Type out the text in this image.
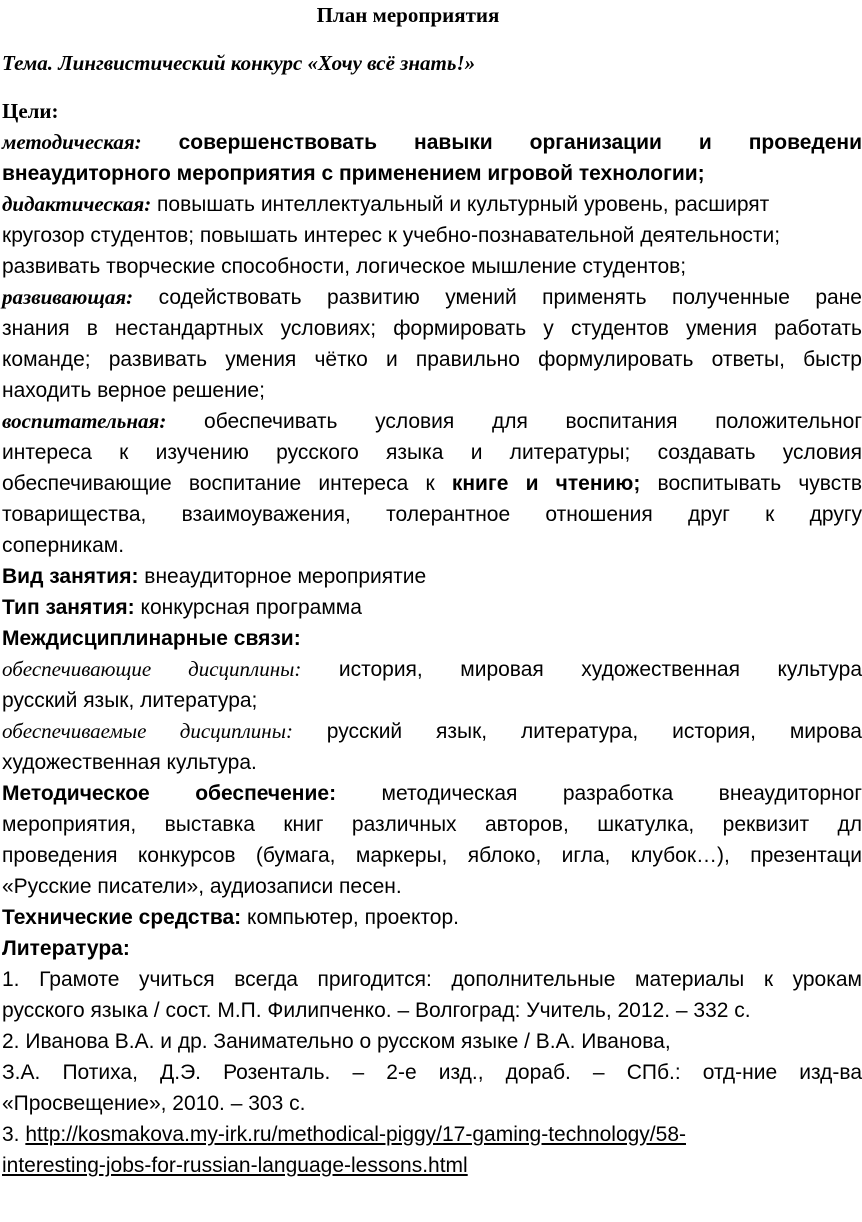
План мероприятия
Тема. Лингвистический конкурс «Хочу всё знать!»
Цели:
методическая: совершенствовать навыки организации и проведени
внеаудиторного мероприятия с применением игровой технологии;
дидактическая: повышать интеллектуальный и культурный уровень, расширят
кругозор студентов; повышать интерес к учебно-познавательной деятельности;
развивать творческие способности, логическое мышление студентов;
развивающая: содействовать развитию умений применять полученные ране
знания в нестандартных условиях; формировать у студентов умения работать
команде; развивать умения чётко и правильно формулировать ответы, быстр
находить верное решение;
воспитательная: обеспечивать условия для воспитания положительног
интереса к изучению русского языка и литературы; создавать условия
обеспечивающие воспитание интереса к книге и чтению; воспитывать чувств
товарищества, взаимоуважения, толерантное отношения друг к другу
соперникам.
Вид занятия: внеаудиторное мероприятие
Тип занятия: конкурсная программа
Междисциплинарные связи:
обеспечивающие дисциплины: история, мировая художественная культура
русский язык, литература;
обеспечиваемые дисциплины: русский язык, литература, история, мирова
художественная культура.
Методическое обеспечение: методическая разработка внеаудиторног
мероприятия, выставка книг различных авторов, шкатулка, реквизит дл
проведения конкурсов (бумага, маркеры, яблоко, игла, клубок…), презентаци
«Русские писатели», аудиозаписи песен.
Технические средства: компьютер, проектор.
Литература:
1. Грамоте учиться всегда пригодится: дополнительные материалы к урокам
русского языка / сост. М.П. Филипченко. – Волгоград: Учитель, 2012. – 332 с.
2. Иванова В.А. и др. Занимательно о русском языке / В.А. Иванова,
З.А. Потиха, Д.Э. Розенталь. – 2-е изд., дораб. – СПб.: отд-ние изд-ва
«Просвещение», 2010. – 303 с.
3. http://kosmakova.my-irk.ru/methodical-piggy/17-gaming-technology/58-
interesting-jobs-for-russian-language-lessons.html
